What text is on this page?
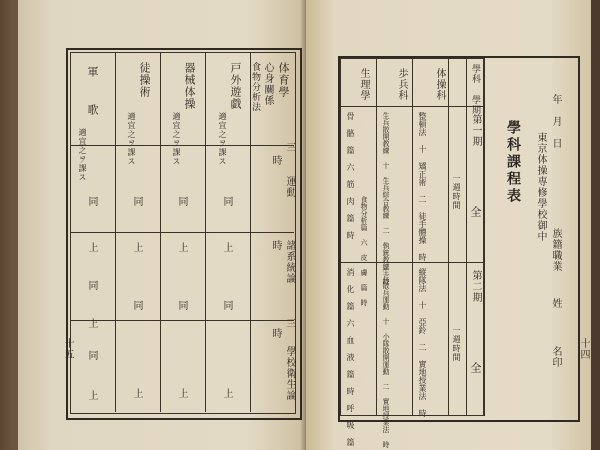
体育學
心身關係
食物分析法
時
三
運動
時 諸系統論
時
三
學校衛生論
戸外遊戯
適宜之ヲ課ス
同
上
同
上
器械体操
適宜之ヲ課ス
同
上
同
上
徒操術
適宜之ヲ課ス
同
上
同
上
軍
歌
適宜之ヲ課ス
同
上
同
上
同
上
十五
年
月
日
東京体操専修學校御中
族籍職業
姓
名印
學科課程表
學科 學期
第一期
一週時間
全
第二期
一週時間
全
体操科
整頓法 十 矯正術 二 徒手體操 時
縱隊法 十 亞鈴 二 實地授業法 時
歩兵科
生兵散開教練 十 生兵綜合教練 二 執銃教練 時
生兵散兵運動 十 小隊散開運動 二 實地授業法 時
生理學
骨 骼 篇 六 筋 肉 篇 時
消 化 篇 六 血 液 篇 時 呼 吸 篇
食物分析篇 六 皮 膚 篇 時
十四
